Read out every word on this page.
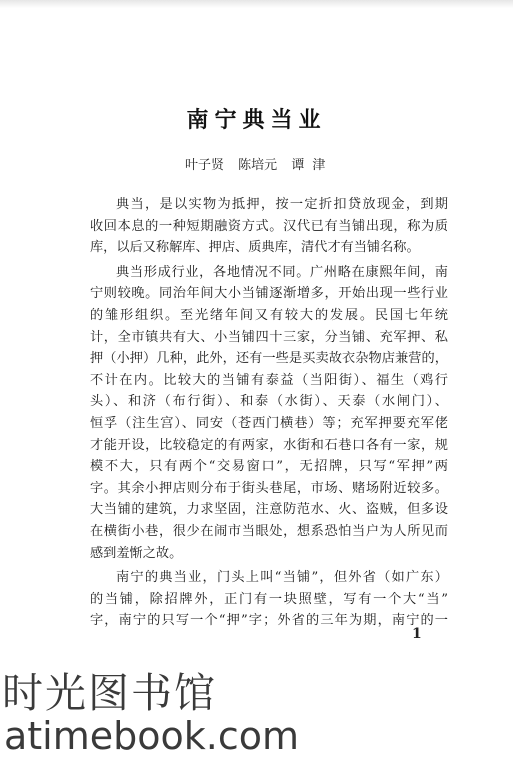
南宁典当业
叶子贤 陈培元 谭津
典当，是以实物为抵押，按一定折扣贷放现金，到期
收回本息的一种短期融资方式。汉代已有当铺出现，称为质
库，以后又称解库、押店、质典库，清代才有当铺名称。
典当形成行业，各地情况不同。广州略在康熙年间，南
宁则较晚。同治年间大小当铺逐渐增多，开始出现一些行业
的雏形组织。至光绪年间又有较大的发展。民国七年统
计，全市镇共有大、小当铺四十三家，分当铺、充军押、私
押（小押）几种，此外，还有一些是买卖故衣杂物店兼营的，
不计在内。比较大的当铺有泰益（当阳街）、福生（鸡行
头）、和济（布行街）、和泰（水街）、天泰（水闸门）、
恒孚（注生宫）、同安（苍西门横巷）等；充军押要充军佬
才能开设，比较稳定的有两家，水街和石巷口各有一家，规
模不大，只有两个“交易窗口”，无招牌，只写“军押”两
字。其余小押店则分布于街头巷尾，市场、赌场附近较多。
大当铺的建筑，力求坚固，注意防范水、火、盗贼，但多设
在横街小巷，很少在闹市当眼处，想系恐怕当户为人所见而
感到羞惭之故。
南宁的典当业，门头上叫“当铺”，但外省（如广东）
的当铺，除招牌外，正门有一块照壁，写有一个大“当”
字，南宁的只写一个“押”字；外省的三年为期，南宁的一
1
时光图书馆
atimebook.com
